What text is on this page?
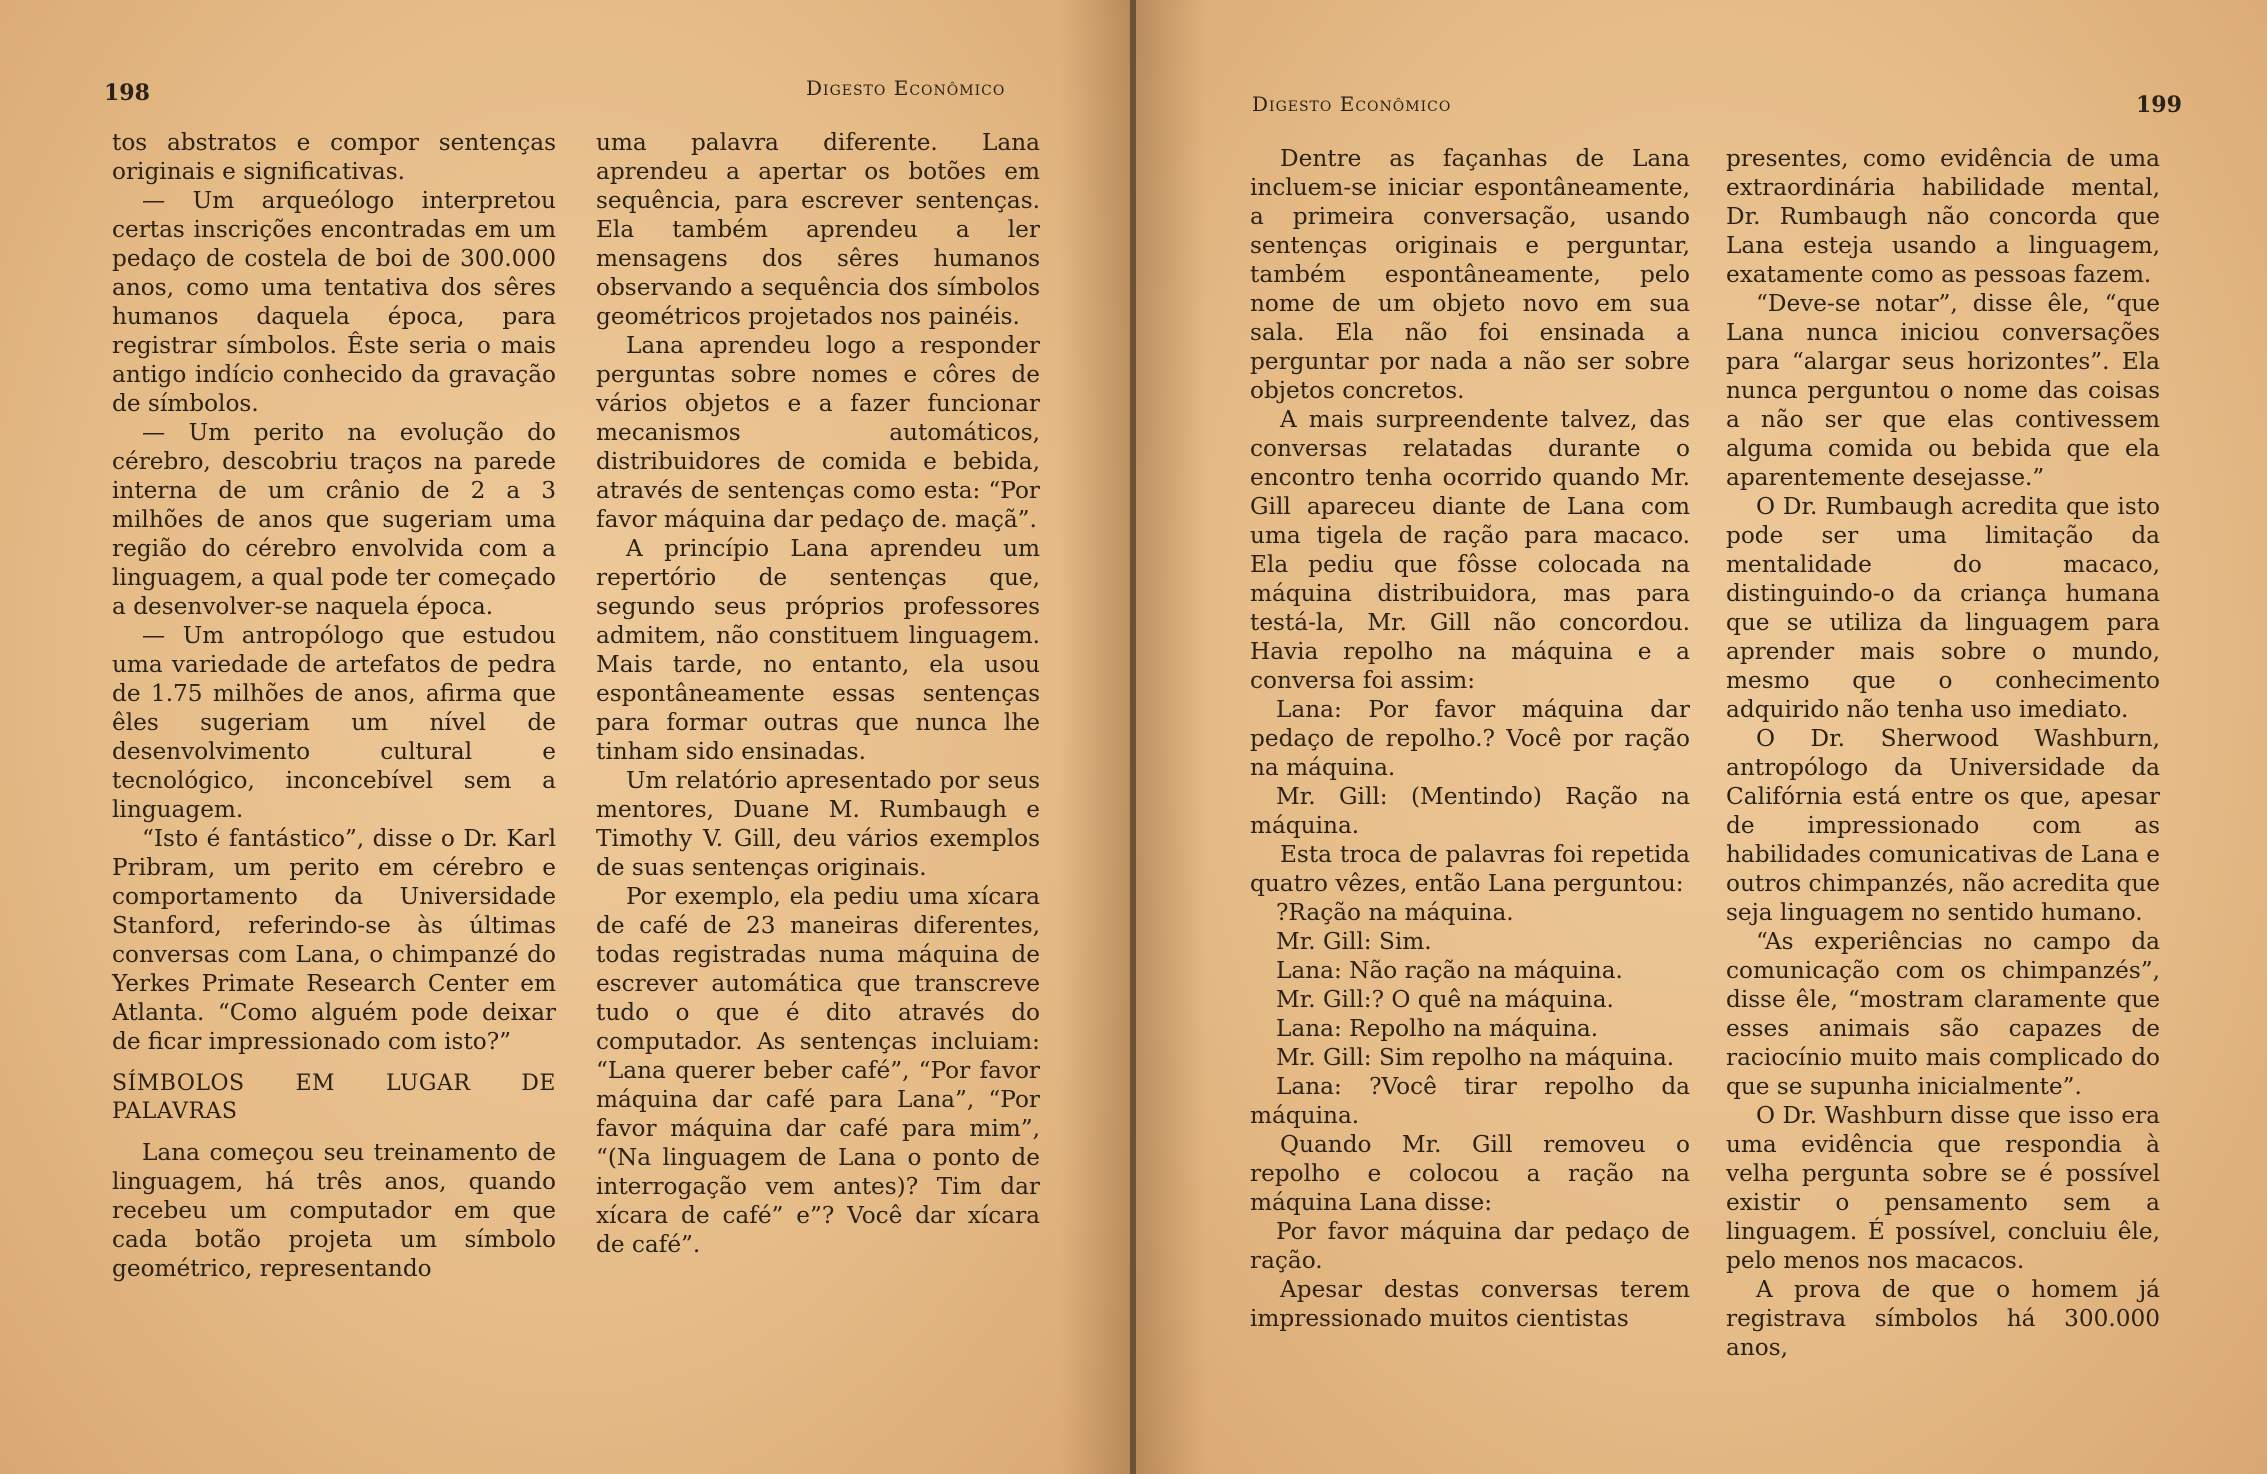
198	Digesto Econômico

tos abstratos e compor sentenças originais e significativas.

— Um arqueólogo interpretou certas inscrições encontradas em um pedaço de costela de boi de 300.000 anos, como uma tentativa dos sêres humanos daquela época, para registrar símbolos. Êste seria o mais antigo indício conhecido da gravação de símbolos.

— Um perito na evolução do cérebro, descobriu traços na parede interna de um crânio de 2 a 3 milhões de anos que sugeriam uma região do cérebro envolvida com a linguagem, a qual pode ter começado a desenvolver-se naquela época.

— Um antropólogo que estudou uma variedade de artefatos de pedra de 1.75 milhões de anos, afirma que êles sugeriam um nível de desenvolvimento cultural e tecnológico, inconcebível sem a linguagem.

“Isto é fantástico”, disse o Dr. Karl Pribram, um perito em cérebro e comportamento da Universidade Stanford, referindo-se às últimas conversas com Lana, o chimpanzé do Yerkes Primate Research Center em Atlanta. “Como alguém pode deixar de ficar impressionado com isto?”

SÍMBOLOS EM LUGAR DE PALAVRAS

Lana começou seu treinamento de linguagem, há três anos, quando recebeu um computador em que cada botão projeta um símbolo geométrico, representando

uma palavra diferente. Lana aprendeu a apertar os botões em sequência, para escrever sentenças. Ela também aprendeu a ler mensagens dos sêres humanos observando a sequência dos símbolos geométricos projetados nos painéis.

Lana aprendeu logo a responder perguntas sobre nomes e côres de vários objetos e a fazer funcionar mecanismos automáticos, distribuidores de comida e bebida, através de sentenças como esta: “Por favor máquina dar pedaço de. maçã”.

A princípio Lana aprendeu um repertório de sentenças que, segundo seus próprios professores admitem, não constituem linguagem. Mais tarde, no entanto, ela usou espontâneamente essas sentenças para formar outras que nunca lhe tinham sido ensinadas.

Um relatório apresentado por seus mentores, Duane M. Rumbaugh e Timothy V. Gill, deu vários exemplos de suas sentenças originais.

Por exemplo, ela pediu uma xícara de café de 23 maneiras diferentes, todas registradas numa máquina de escrever automática que transcreve tudo o que é dito através do computador. As sentenças incluiam: “Lana querer beber café”, “Por favor máquina dar café para Lana”, “Por favor máquina dar café para mim”, “(Na linguagem de Lana o ponto de interrogação vem antes)? Tim dar xícara de café” e”? Você dar xícara de café”.

Digesto Econômico	199

Dentre as façanhas de Lana incluem-se iniciar espontâneamente, a primeira conversação, usando sentenças originais e perguntar, também espontâneamente, pelo nome de um objeto novo em sua sala. Ela não foi ensinada a perguntar por nada a não ser sobre objetos concretos.

A mais surpreendente talvez, das conversas relatadas durante o encontro tenha ocorrido quando Mr. Gill apareceu diante de Lana com uma tigela de ração para macaco. Ela pediu que fôsse colocada na máquina distribuidora, mas para testá-la, Mr. Gill não concordou. Havia repolho na máquina e a conversa foi assim:

Lana: Por favor máquina dar pedaço de repolho.? Você por ração na máquina.

Mr. Gill: (Mentindo) Ração na máquina.

Esta troca de palavras foi repetida quatro vêzes, então Lana perguntou:

?Ração na máquina.

Mr. Gill: Sim.

Lana: Não ração na máquina.

Mr. Gill:? O quê na máquina.

Lana: Repolho na máquina.

Mr. Gill: Sim repolho na máquina.

Lana: ?Você tirar repolho da máquina.

Quando Mr. Gill removeu o repolho e colocou a ração na máquina Lana disse:

Por favor máquina dar pedaço de ração.

Apesar destas conversas terem impressionado muitos cientistas

presentes, como evidência de uma extraordinária habilidade mental, Dr. Rumbaugh não concorda que Lana esteja usando a linguagem, exatamente como as pessoas fazem.

“Deve-se notar”, disse êle, “que Lana nunca iniciou conversações para “alargar seus horizontes”. Ela nunca perguntou o nome das coisas a não ser que elas contivessem alguma comida ou bebida que ela aparentemente desejasse.”

O Dr. Rumbaugh acredita que isto pode ser uma limitação da mentalidade do macaco, distinguindo-o da criança humana que se utiliza da linguagem para aprender mais sobre o mundo, mesmo que o conhecimento adquirido não tenha uso imediato.

O Dr. Sherwood Washburn, antropólogo da Universidade da Califórnia está entre os que, apesar de impressionado com as habilidades comunicativas de Lana e outros chimpanzés, não acredita que seja linguagem no sentido humano.

“As experiências no campo da comunicação com os chimpanzés”, disse êle, “mostram claramente que esses animais são capazes de raciocínio muito mais complicado do que se supunha inicialmente”.

O Dr. Washburn disse que isso era uma evidência que respondia à velha pergunta sobre se é possível existir o pensamento sem a linguagem. É possível, concluiu êle, pelo menos nos macacos.

A prova de que o homem já registrava símbolos há 300.000 anos,
